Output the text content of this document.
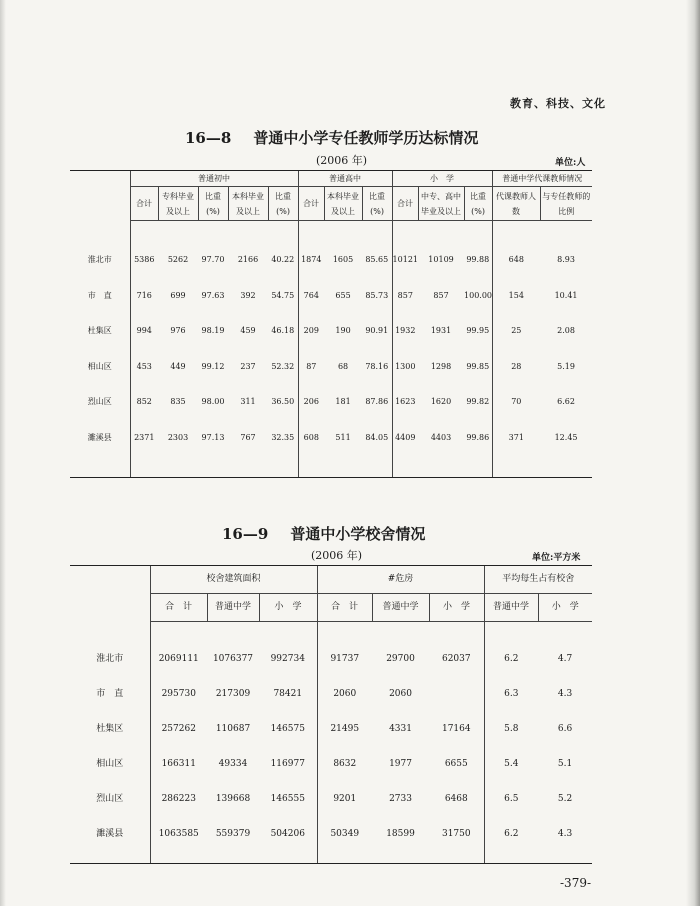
教育、科技、文化
16—8 普通中小学专任教师学历达标情况
(2006 年)	单位:人
	普通初中					普通高中			小　学			普通中学代课教师情况	
	合计	专科毕业及以上	比重(%)	本科毕业及以上	比重(%)	合计	本科毕业及以上	比重(%)	合计	中专、高中毕业及以上	比重(%)	代课教师人数	与专任教师的比例

淮北市	5386	5262	97.70	2166	40.22	1874	1605	85.65	10121	10109	99.88	648	8.93
市　直	716	699	97.63	392	54.75	764	655	85.73	857	857	100.00	154	10.41
杜集区	994	976	98.19	459	46.18	209	190	90.91	1932	1931	99.95	25	2.08
相山区	453	449	99.12	237	52.32	87	68	78.16	1300	1298	99.85	28	5.19
烈山区	852	835	98.00	311	36.50	206	181	87.86	1623	1620	99.82	70	6.62
濉溪县	2371	2303	97.13	767	32.35	608	511	84.05	4409	4403	99.86	371	12.45

16—9 普通中小学校舍情况
(2006 年)	单位:平方米
	校舍建筑面积			#危房			平均每生占有校舍	
	合　计	普通中学	小　学	合　计	普通中学	小　学	普通中学	小　学

淮北市	2069111	1076377	992734	91737	29700	62037	6.2	4.7
市　直	295730	217309	78421	2060	2060		6.3	4.3
杜集区	257262	110687	146575	21495	4331	17164	5.8	6.6
相山区	166311	49334	116977	8632	1977	6655	5.4	5.1
烈山区	286223	139668	146555	9201	2733	6468	6.5	5.2
濉溪县	1063585	559379	504206	50349	18599	31750	6.2	4.3

-379-
